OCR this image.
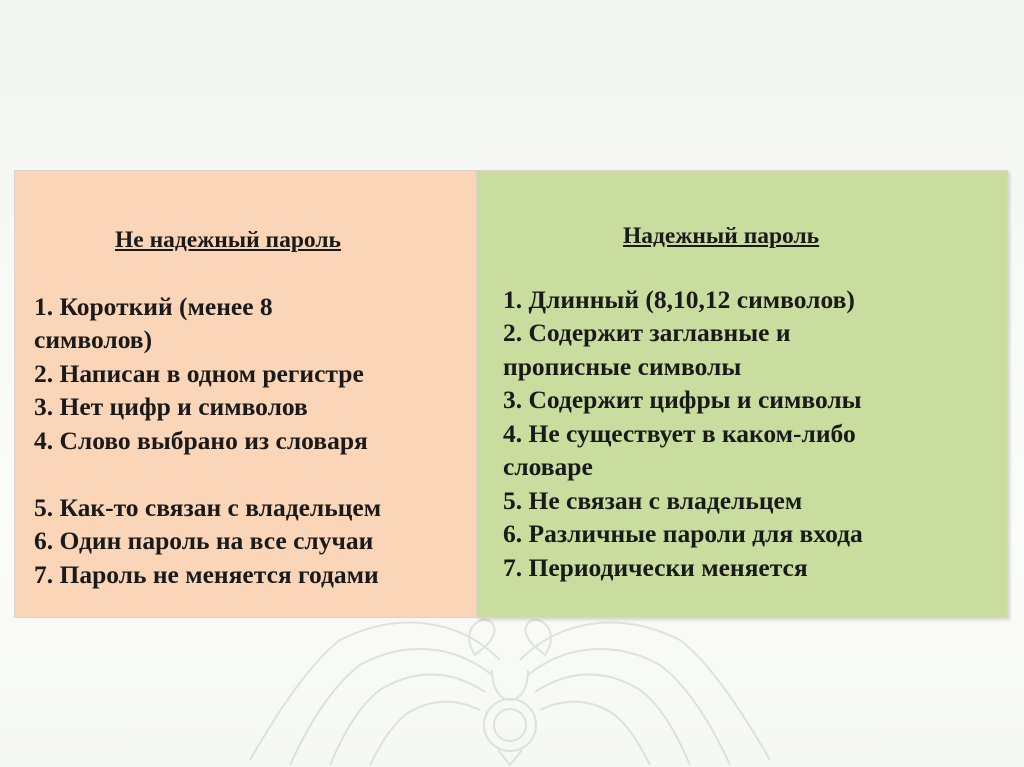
Не надежный пароль
1. Короткий (менее 8
символов)
2. Написан в одном регистре
3. Нет цифр и символов
4. Слово выбрано из словаря
5. Как-то связан с владельцем
6. Один пароль на все случаи
7. Пароль не меняется годами
Надежный пароль
1. Длинный (8,10,12 символов)
2. Содержит заглавные и
прописные символы
3. Содержит цифры и символы
4. Не существует в каком-либо
словаре
5. Не связан с владельцем
6. Различные пароли для входа
7. Периодически меняется
